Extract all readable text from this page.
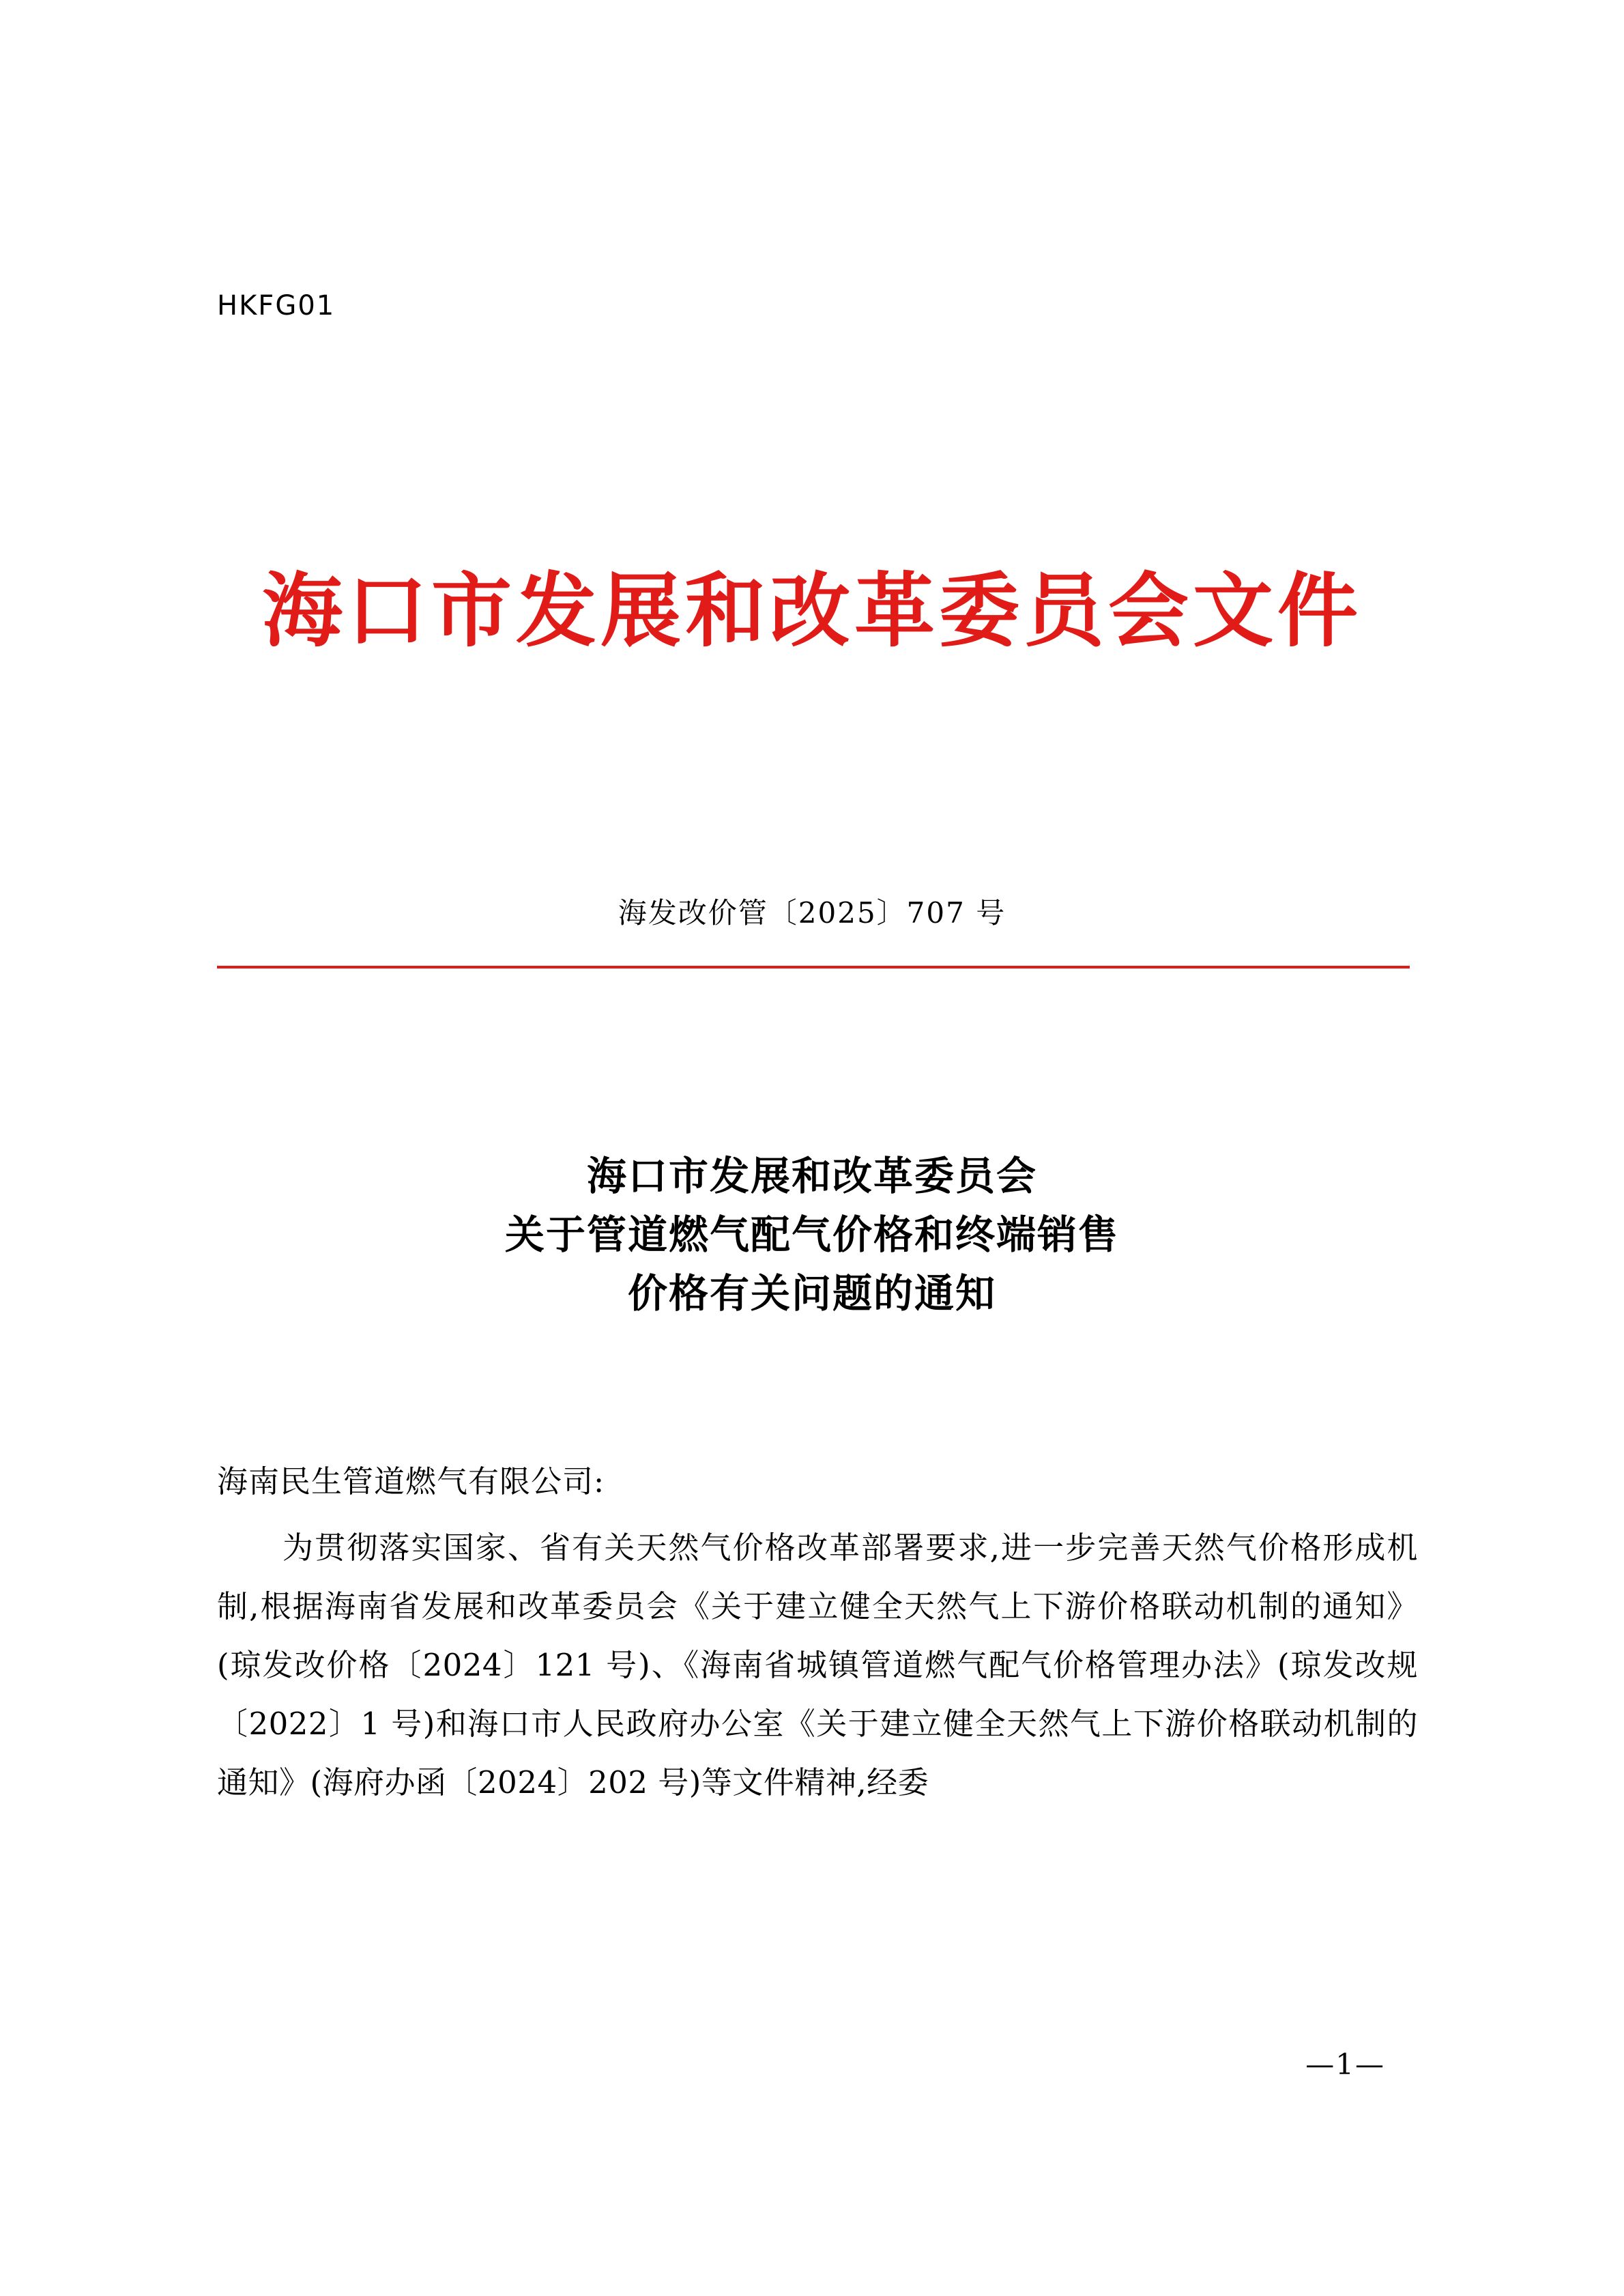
HKFG01
海口市发展和改革委员会文件
海发改价管〔2025〕707 号
海口市发展和改革委员会
关于管道燃气配气价格和终端销售
价格有关问题的通知
海南民生管道燃气有限公司:

为贯彻落实国家、省有关天然气价格改革部署要求,进一步完善天然气价格形成机制,根据海南省发展和改革委员会《关于建立健全天然气上下游价格联动机制的通知》(琼发改价格〔2024〕121 号)、《海南省城镇管道燃气配气价格管理办法》(琼发改规〔2022〕1 号)和海口市人民政府办公室《关于建立健全天然气上下游价格联动机制的通知》(海府办函〔2024〕202 号)等文件精神,经委

—1—
